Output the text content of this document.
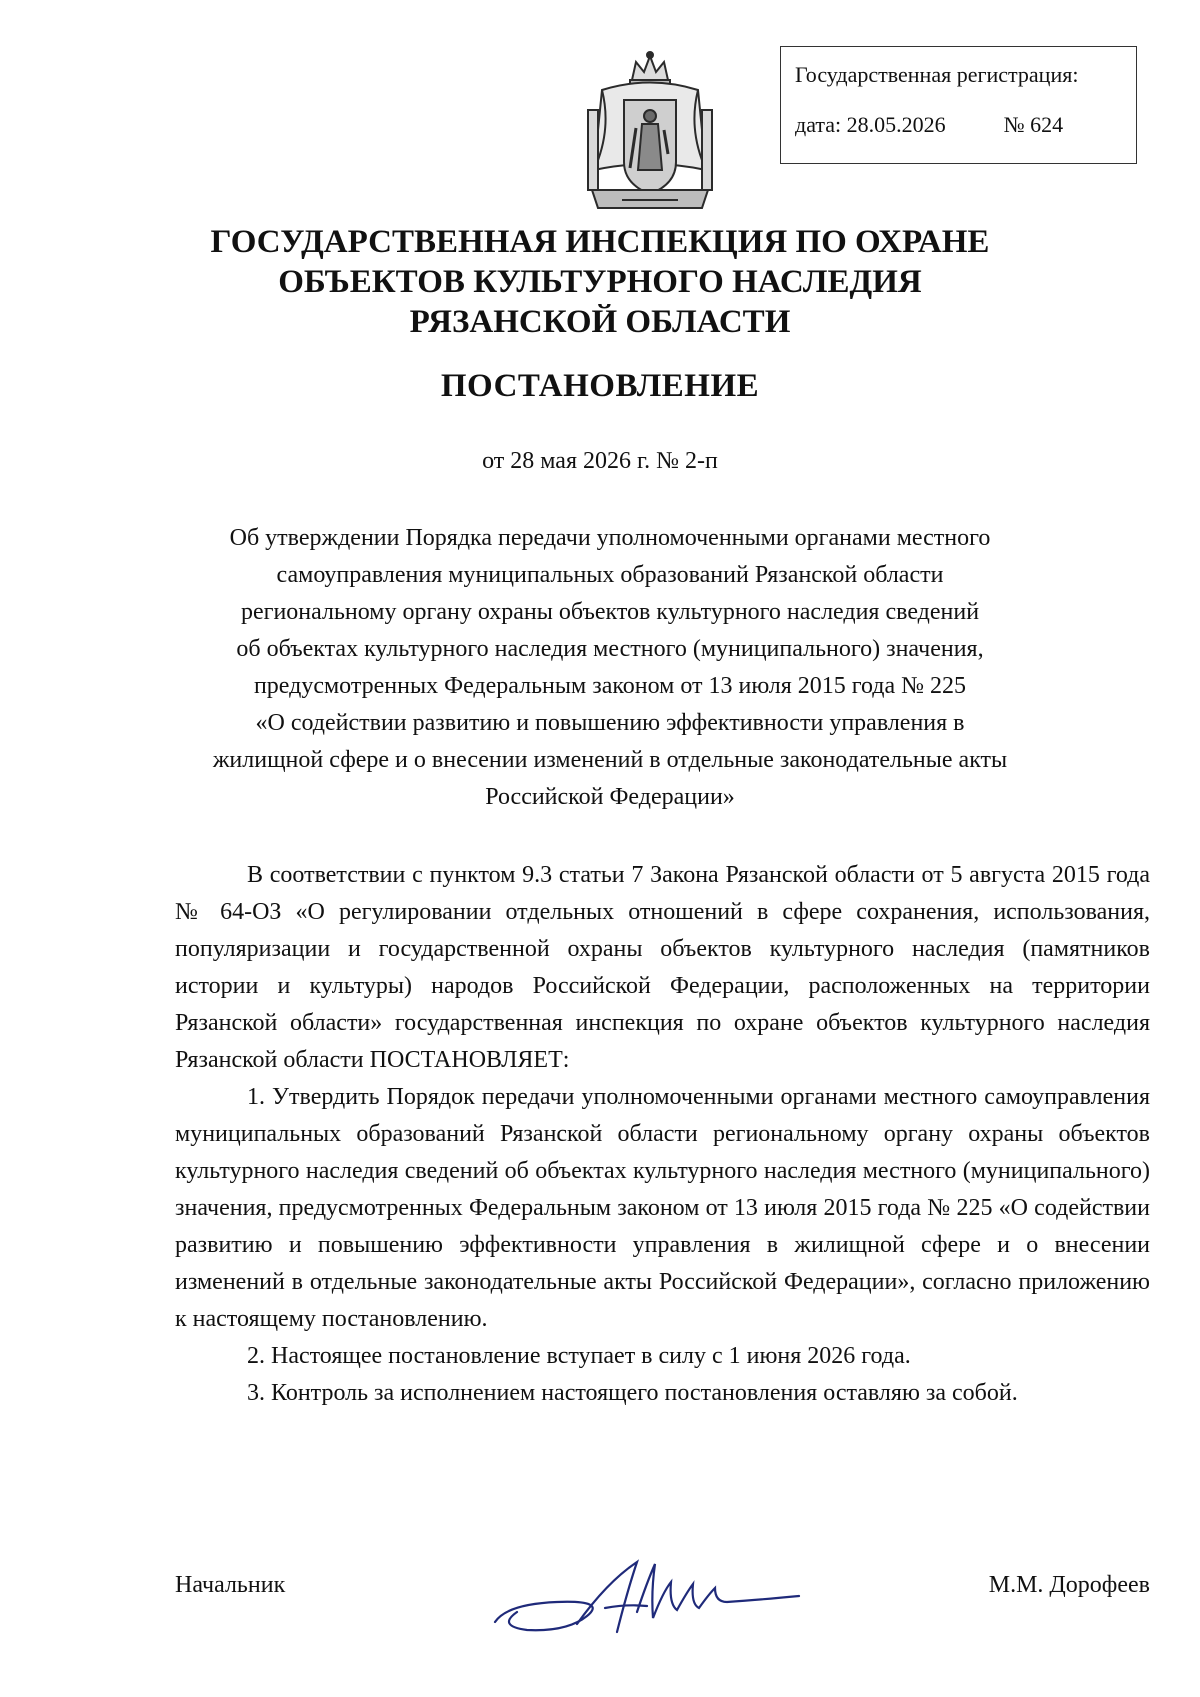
Государственная регистрация:
дата: 28.05.2026	№ 624
ГОСУДАРСТВЕННАЯ ИНСПЕКЦИЯ ПО ОХРАНЕ
ОБЪЕКТОВ КУЛЬТУРНОГО НАСЛЕДИЯ
РЯЗАНСКОЙ ОБЛАСТИ
ПОСТАНОВЛЕНИЕ
от 28 мая 2026 г. № 2-п
Об утверждении Порядка передачи уполномоченными органами местного
самоуправления муниципальных образований Рязанской области
региональному органу охраны объектов культурного наследия сведений
об объектах культурного наследия местного (муниципального) значения,
предусмотренных Федеральным законом от 13 июля 2015 года № 225
«О содействии развитию и повышению эффективности управления в
жилищной сфере и о внесении изменений в отдельные законодательные акты
Российской Федерации»

В соответствии с пунктом 9.3 статьи 7 Закона Рязанской области от 5 августа 2015 года № 64-ОЗ «О регулировании отдельных отношений в сфере сохранения, использования, популяризации и государственной охраны объектов культурного наследия (памятников истории и культуры) народов Российской Федерации, расположенных на территории Рязанской области» государственная инспекция по охране объектов культурного наследия Рязанской области ПОСТАНОВЛЯЕТ:

1. Утвердить Порядок передачи уполномоченными органами местного самоуправления муниципальных образований Рязанской области региональному органу охраны объектов культурного наследия сведений об объектах культурного наследия местного (муниципального) значения, предусмотренных Федеральным законом от 13 июля 2015 года № 225 «О содействии развитию и повышению эффективности управления в жилищной сфере и о внесении изменений в отдельные законодательные акты Российской Федерации», согласно приложению к настоящему постановлению.

2. Настоящее постановление вступает в силу с 1 июня 2026 года.

3. Контроль за исполнением настоящего постановления оставляю за собой.

Начальник	М.М. Дорофеев
